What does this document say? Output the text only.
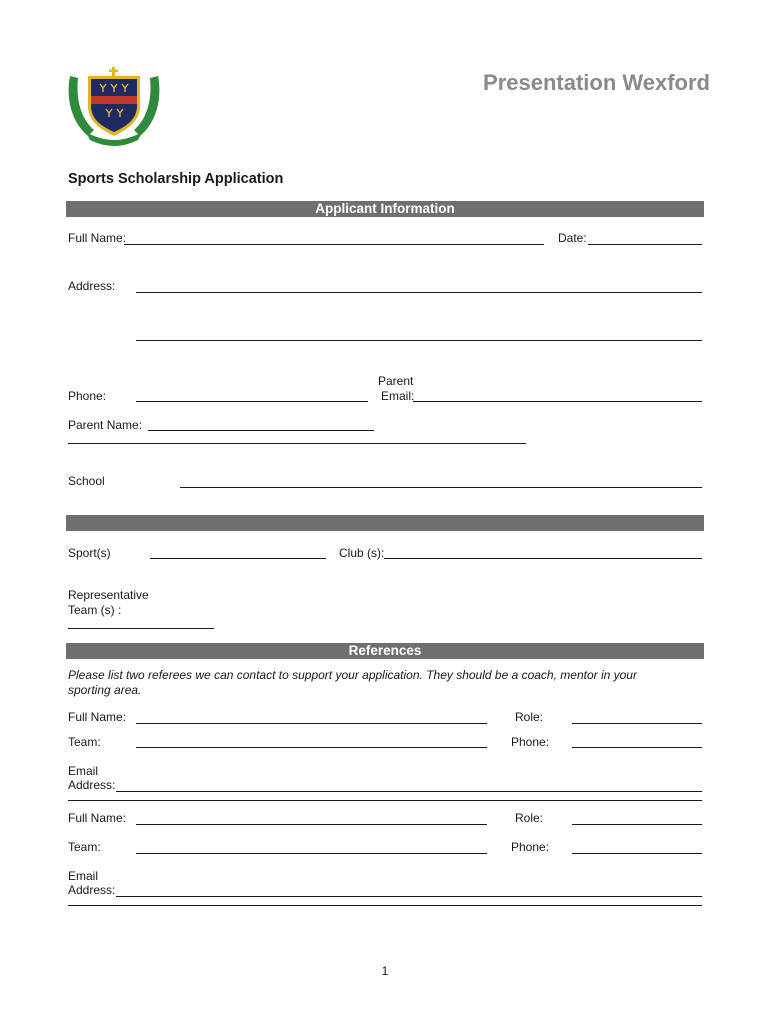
Presentation Wexford
Sports Scholarship Application
Applicant Information
Full Name:	Date:
Address:
Phone:
Parent
Email:
Parent Name:
School
Sport(s)	Club (s):
Representative
Team (s) :
References
Please list two referees we can contact to support your application. They should be a coach, mentor in your sporting area.
Full Name:	Role:
Team:	Phone:
Email
Address:
Full Name:	Role:
Team:	Phone:
Email
Address:
1
